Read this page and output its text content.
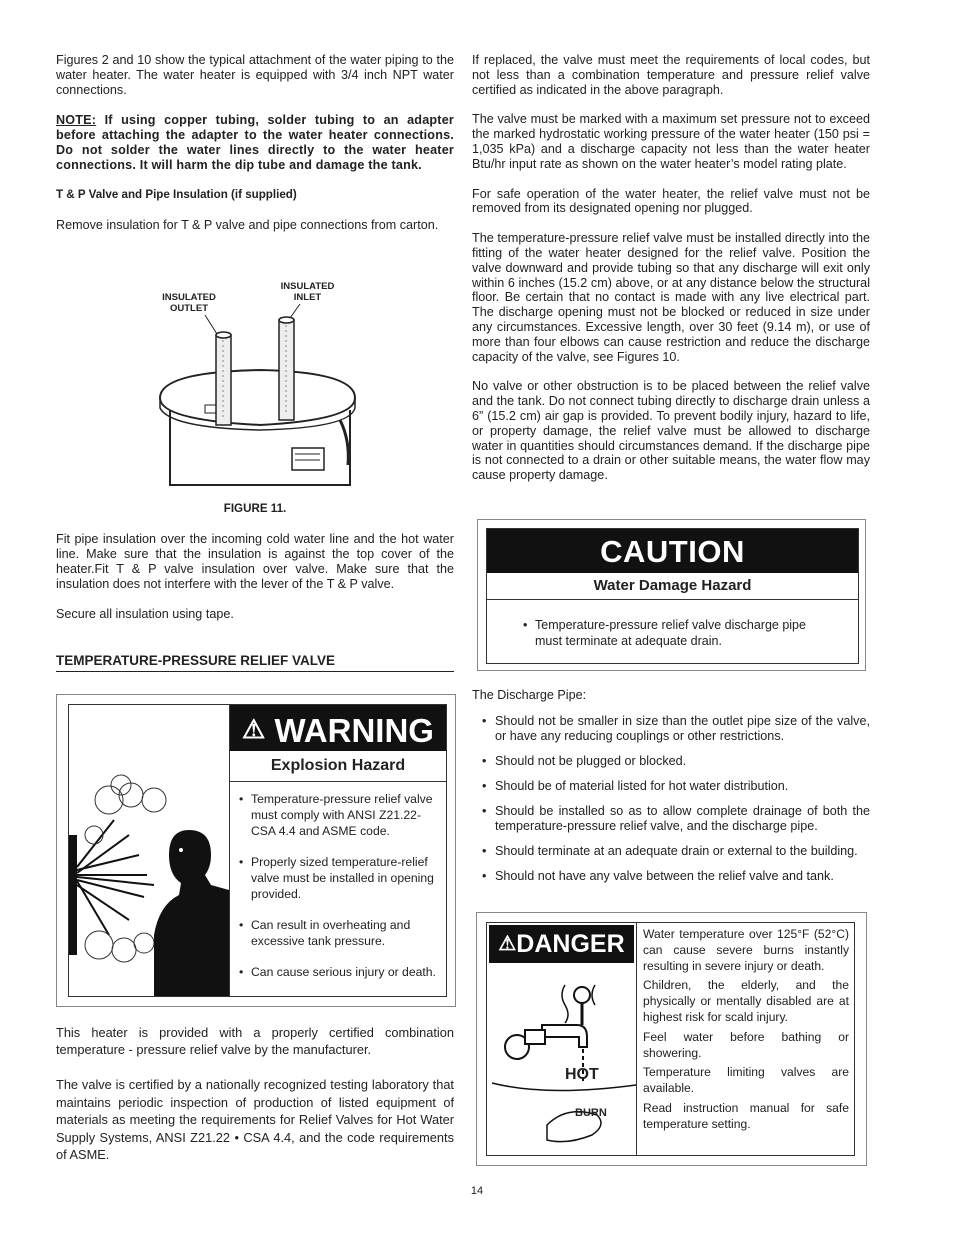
Figures 2 and 10 show the typical attachment of the water piping to the water heater. The water heater is equipped with 3/4 inch NPT water connections.

NOTE: If using copper tubing, solder tubing to an adapter before attaching the adapter to the water heater connections. Do not solder the water lines directly to the water heater connections. It will harm the dip tube and damage the tank.

T & P Valve and Pipe Insulation (if supplied)

Remove insulation for T & P valve and pipe connections from carton.

INSULATED OUTLET
INSULATED INLET
FIGURE 11.

Fit pipe insulation over the incoming cold water line and the hot water line. Make sure that the insulation is against the top cover of the heater.Fit T & P valve insulation over valve. Make sure that the insulation does not interfere with the lever of the T & P valve.

Secure all insulation using tape.

TEMPERATURE-PRESSURE RELIEF VALVE
⚠ WARNING
Explosion Hazard
• Temperature-pressure relief valve must comply with ANSI Z21.22-CSA 4.4 and ASME code.
• Properly sized temperature-relief valve must be installed in opening provided.
• Can result in overheating and excessive tank pressure.
• Can cause serious injury or death.

This heater is provided with a properly certified combination temperature - pressure relief valve by the manufacturer.

The valve is certified by a nationally recognized testing laboratory that maintains periodic inspection of production of listed equipment of materials as meeting the requirements for Relief Valves for Hot Water Supply Systems, ANSI Z21.22 • CSA 4.4, and the code requirements of ASME.

If replaced, the valve must meet the requirements of local codes, but not less than a combination temperature and pressure relief valve certified as indicated in the above paragraph.

The valve must be marked with a maximum set pressure not to exceed the marked hydrostatic working pressure of the water heater (150 psi = 1,035 kPa) and a discharge capacity not less than the water heater Btu/hr input rate as shown on the water heater’s model rating plate.

For safe operation of the water heater, the relief valve must not be removed from its designated opening nor plugged.

The temperature-pressure relief valve must be installed directly into the fitting of the water heater designed for the relief valve. Position the valve downward and provide tubing so that any discharge will exit only within 6 inches (15.2 cm) above, or at any distance below the structural floor. Be certain that no contact is made with any live electrical part. The discharge opening must not be blocked or reduced in size under any circumstances. Excessive length, over 30 feet (9.14 m), or use of more than four elbows can cause restriction and reduce the discharge capacity of the valve, see Figures 10.

No valve or other obstruction is to be placed between the relief valve and the tank. Do not connect tubing directly to discharge drain unless a 6” (15.2 cm) air gap is provided. To prevent bodily injury, hazard to life, or property damage, the relief valve must be allowed to discharge water in quantities should circumstances demand. If the discharge pipe is not connected to a drain or other suitable means, the water flow may cause property damage.

CAUTION
Water Damage Hazard
• Temperature-pressure relief valve discharge pipe must terminate at adequate drain.

The Discharge Pipe:

• Should not be smaller in size than the outlet pipe size of the valve, or have any reducing couplings or other restrictions.
• Should not be plugged or blocked.
• Should be of material listed for hot water distribution.
• Should be installed so as to allow complete drainage of both the temperature-pressure relief valve, and the discharge pipe.
• Should terminate at an adequate drain or external to the building.
• Should not have any valve between the relief valve and tank.
⚠DANGER
HOT
BURN

Water temperature over 125°F (52°C) can cause severe burns instantly resulting in severe injury or death.

Children, the elderly, and the physically or mentally disabled are at highest risk for scald injury.

Feel water before bathing or showering.

Temperature limiting valves are available.

Read instruction manual for safe temperature setting.

14
